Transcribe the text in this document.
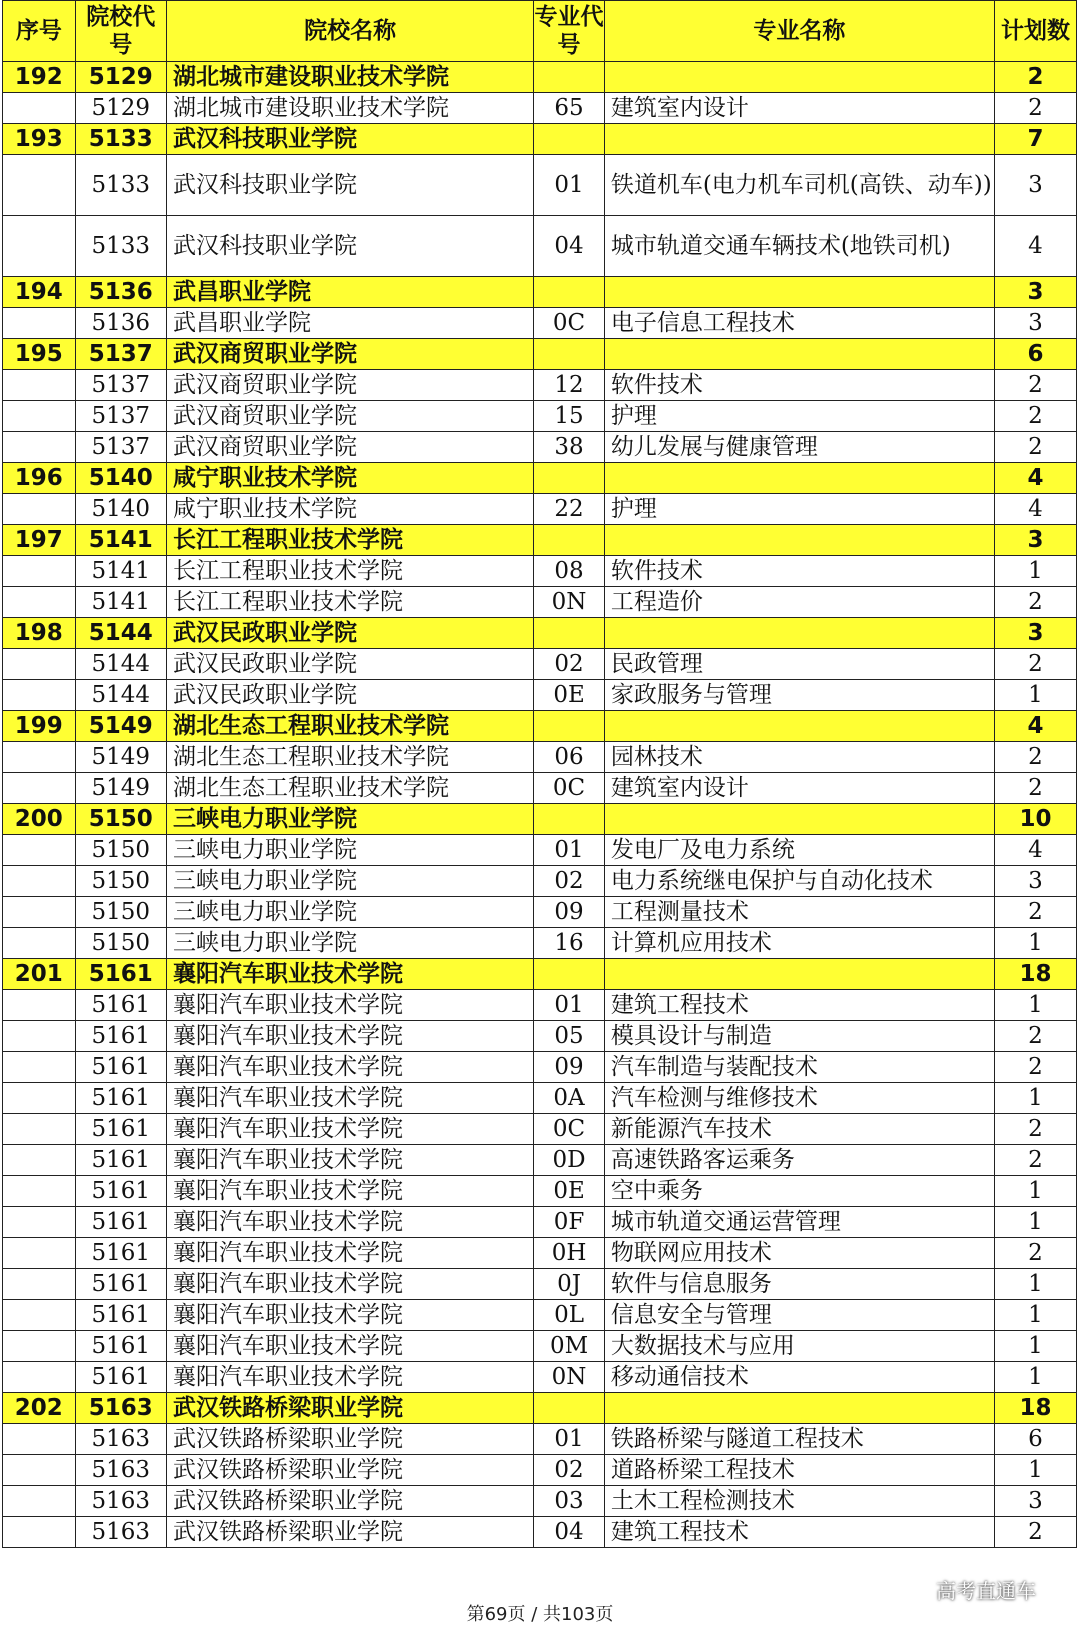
序号	院校代号	院校名称	专业代号	专业名称	计划数
192	5129	湖北城市建设职业技术学院			2
	5129	湖北城市建设职业技术学院	65	建筑室内设计	2
193	5133	武汉科技职业学院			7
	5133	武汉科技职业学院	01	铁道机车(电力机车司机(高铁、动车))	3
	5133	武汉科技职业学院	04	城市轨道交通车辆技术(地铁司机)	4
194	5136	武昌职业学院			3
	5136	武昌职业学院	0C	电子信息工程技术	3
195	5137	武汉商贸职业学院			6
	5137	武汉商贸职业学院	12	软件技术	2
	5137	武汉商贸职业学院	15	护理	2
	5137	武汉商贸职业学院	38	幼儿发展与健康管理	2
196	5140	咸宁职业技术学院			4
	5140	咸宁职业技术学院	22	护理	4
197	5141	长江工程职业技术学院			3
	5141	长江工程职业技术学院	08	软件技术	1
	5141	长江工程职业技术学院	0N	工程造价	2
198	5144	武汉民政职业学院			3
	5144	武汉民政职业学院	02	民政管理	2
	5144	武汉民政职业学院	0E	家政服务与管理	1
199	5149	湖北生态工程职业技术学院			4
	5149	湖北生态工程职业技术学院	06	园林技术	2
	5149	湖北生态工程职业技术学院	0C	建筑室内设计	2
200	5150	三峡电力职业学院			10
	5150	三峡电力职业学院	01	发电厂及电力系统	4
	5150	三峡电力职业学院	02	电力系统继电保护与自动化技术	3
	5150	三峡电力职业学院	09	工程测量技术	2
	5150	三峡电力职业学院	16	计算机应用技术	1
201	5161	襄阳汽车职业技术学院			18
	5161	襄阳汽车职业技术学院	01	建筑工程技术	1
	5161	襄阳汽车职业技术学院	05	模具设计与制造	2
	5161	襄阳汽车职业技术学院	09	汽车制造与装配技术	2
	5161	襄阳汽车职业技术学院	0A	汽车检测与维修技术	1
	5161	襄阳汽车职业技术学院	0C	新能源汽车技术	2
	5161	襄阳汽车职业技术学院	0D	高速铁路客运乘务	2
	5161	襄阳汽车职业技术学院	0E	空中乘务	1
	5161	襄阳汽车职业技术学院	0F	城市轨道交通运营管理	1
	5161	襄阳汽车职业技术学院	0H	物联网应用技术	2
	5161	襄阳汽车职业技术学院	0J	软件与信息服务	1
	5161	襄阳汽车职业技术学院	0L	信息安全与管理	1
	5161	襄阳汽车职业技术学院	0M	大数据技术与应用	1
	5161	襄阳汽车职业技术学院	0N	移动通信技术	1
202	5163	武汉铁路桥梁职业学院			18
	5163	武汉铁路桥梁职业学院	01	铁路桥梁与隧道工程技术	6
	5163	武汉铁路桥梁职业学院	02	道路桥梁工程技术	1
	5163	武汉铁路桥梁职业学院	03	土木工程检测技术	3
	5163	武汉铁路桥梁职业学院	04	建筑工程技术	2
高考直通车
第69页 / 共103页
